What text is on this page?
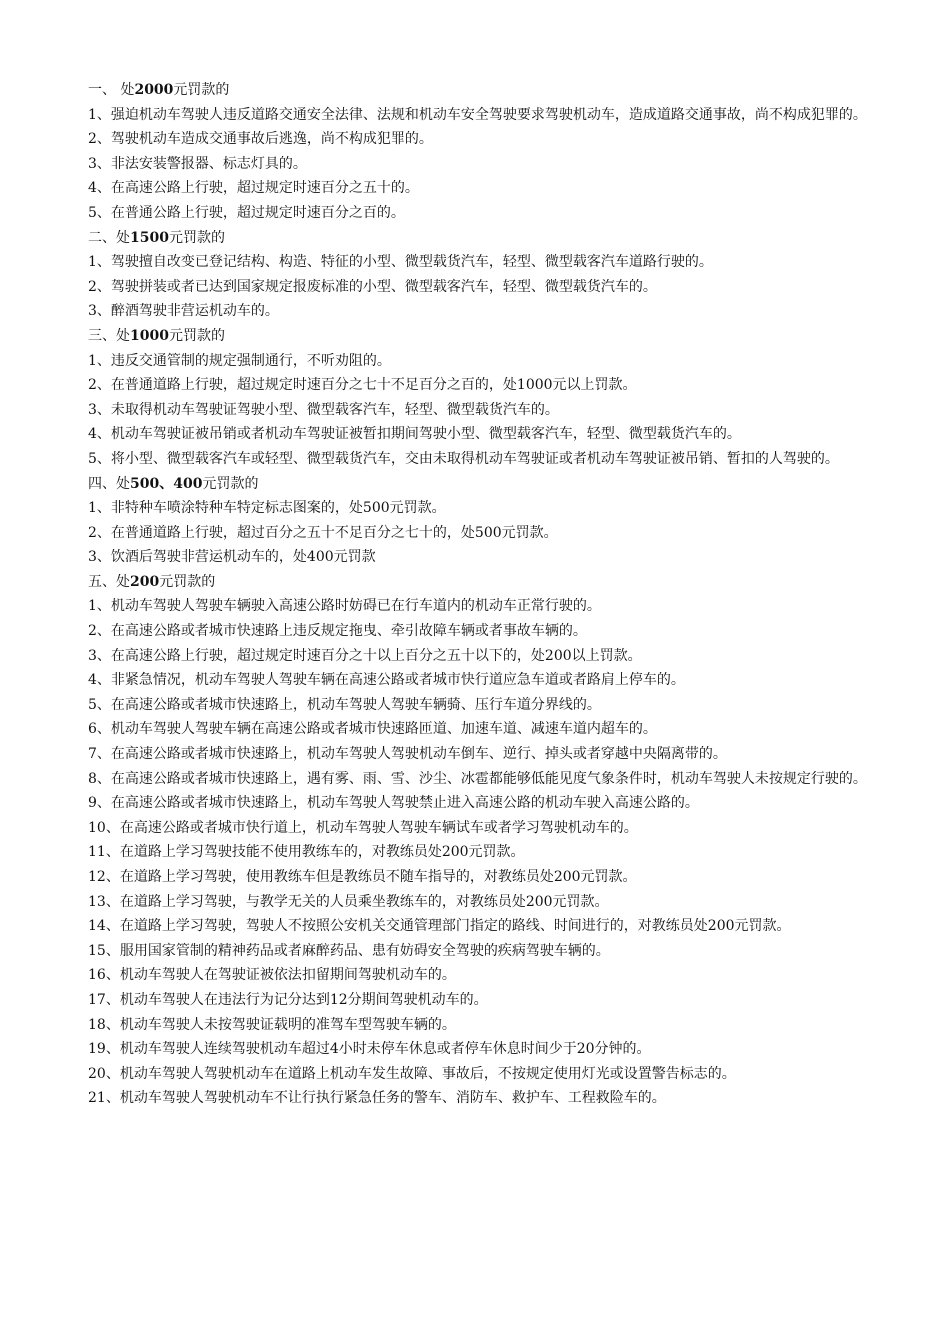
一、 处2000元罚款的

1、强迫机动车驾驶人违反道路交通安全法律、法规和机动车安全驾驶要求驾驶机动车，造成道路交通事故，尚不构成犯罪的。

2、驾驶机动车造成交通事故后逃逸，尚不构成犯罪的。

3、非法安装警报器、标志灯具的。

4、在高速公路上行驶，超过规定时速百分之五十的。

5、在普通公路上行驶，超过规定时速百分之百的。

二、处1500元罚款的

1、驾驶擅自改变已登记结构、构造、特征的小型、微型载货汽车，轻型、微型载客汽车道路行驶的。

2、驾驶拼装或者已达到国家规定报废标准的小型、微型载客汽车，轻型、微型载货汽车的。

3、醉酒驾驶非营运机动车的。

三、处1000元罚款的

1、违反交通管制的规定强制通行，不听劝阻的。

2、在普通道路上行驶，超过规定时速百分之七十不足百分之百的，处1000元以上罚款。

3、未取得机动车驾驶证驾驶小型、微型载客汽车，轻型、微型载货汽车的。

4、机动车驾驶证被吊销或者机动车驾驶证被暂扣期间驾驶小型、微型载客汽车，轻型、微型载货汽车的。

5、将小型、微型载客汽车或轻型、微型载货汽车，交由未取得机动车驾驶证或者机动车驾驶证被吊销、暂扣的人驾驶的。

四、处500、400元罚款的

1、非特种车喷涂特种车特定标志图案的，处500元罚款。

2、在普通道路上行驶，超过百分之五十不足百分之七十的，处500元罚款。

3、饮酒后驾驶非营运机动车的，处400元罚款

五、处200元罚款的

1、机动车驾驶人驾驶车辆驶入高速公路时妨碍已在行车道内的机动车正常行驶的。

2、在高速公路或者城市快速路上违反规定拖曳、牵引故障车辆或者事故车辆的。

3、在高速公路上行驶，超过规定时速百分之十以上百分之五十以下的，处200以上罚款。

4、非紧急情况，机动车驾驶人驾驶车辆在高速公路或者城市快行道应急车道或者路肩上停车的。

5、在高速公路或者城市快速路上，机动车驾驶人驾驶车辆骑、压行车道分界线的。

6、机动车驾驶人驾驶车辆在高速公路或者城市快速路匝道、加速车道、减速车道内超车的。

7、在高速公路或者城市快速路上，机动车驾驶人驾驶机动车倒车、逆行、掉头或者穿越中央隔离带的。

8、在高速公路或者城市快速路上，遇有雾、雨、雪、沙尘、冰雹都能够低能见度气象条件时，机动车驾驶人未按规定行驶的。

9、在高速公路或者城市快速路上，机动车驾驶人驾驶禁止进入高速公路的机动车驶入高速公路的。

10、在高速公路或者城市快行道上，机动车驾驶人驾驶车辆试车或者学习驾驶机动车的。

11、在道路上学习驾驶技能不使用教练车的，对教练员处200元罚款。

12、在道路上学习驾驶，使用教练车但是教练员不随车指导的，对教练员处200元罚款。

13、在道路上学习驾驶，与教学无关的人员乘坐教练车的，对教练员处200元罚款。

14、在道路上学习驾驶，驾驶人不按照公安机关交通管理部门指定的路线、时间进行的，对教练员处200元罚款。

15、服用国家管制的精神药品或者麻醉药品、患有妨碍安全驾驶的疾病驾驶车辆的。

16、机动车驾驶人在驾驶证被依法扣留期间驾驶机动车的。

17、机动车驾驶人在违法行为记分达到12分期间驾驶机动车的。

18、机动车驾驶人未按驾驶证载明的准驾车型驾驶车辆的。

19、机动车驾驶人连续驾驶机动车超过4小时未停车休息或者停车休息时间少于20分钟的。

20、机动车驾驶人驾驶机动车在道路上机动车发生故障、事故后，不按规定使用灯光或设置警告标志的。

21、机动车驾驶人驾驶机动车不让行执行紧急任务的警车、消防车、救护车、工程救险车的。
